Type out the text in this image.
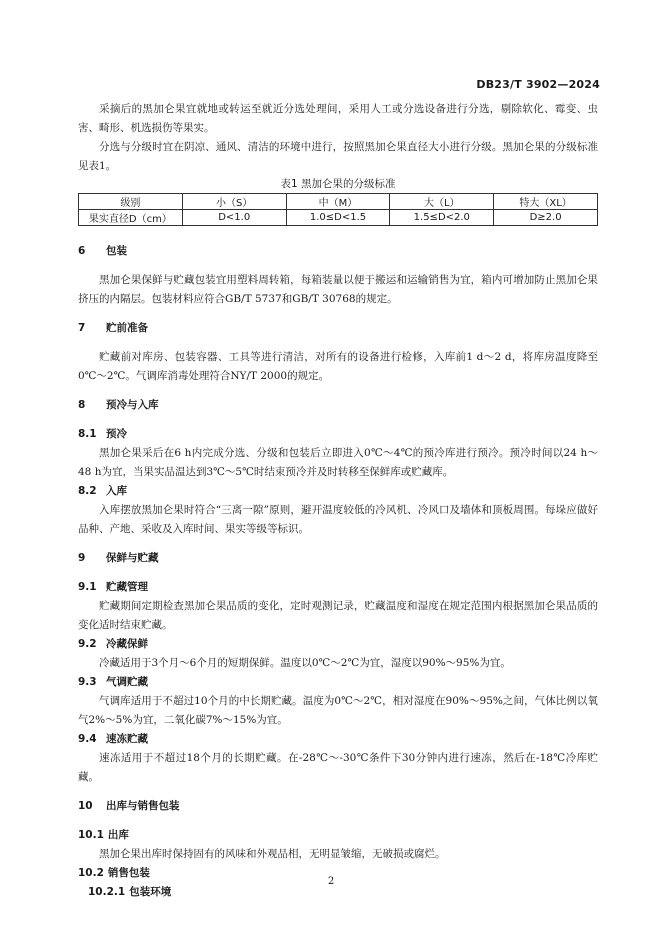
DB23/T 3902—2024

采摘后的黑加仑果宜就地或转运至就近分选处理间，采用人工或分选设备进行分选，剔除软化、霉变、虫害、畸形、机选损伤等果实。

分选与分级时宜在阴凉、通风、清洁的环境中进行，按照黑加仑果直径大小进行分级。黑加仑果的分级标准见表1。

表1 黑加仑果的分级标准

级别	小（S）	中（M）	大（L）	特大（XL）
果实直径D（cm）	D<1.0	1.0≤D<1.5	1.5≤D<2.0	D≥2.0

6 包装

黑加仑果保鲜与贮藏包装宜用塑料周转箱，每箱装量以便于搬运和运输销售为宜，箱内可增加防止黑加仑果挤压的内隔层。包装材料应符合GB/T 5737和GB/T 30768的规定。

7 贮前准备

贮藏前对库房、包装容器、工具等进行清洁，对所有的设备进行检修，入库前1 d～2 d，将库房温度降至0℃～2℃。气调库消毒处理符合NY/T 2000的规定。

8 预冷与入库

8.1 预冷

黑加仑果采后在6 h内完成分选、分级和包装后立即进入0℃～4℃的预冷库进行预冷。预冷时间以24 h～48 h为宜，当果实品温达到3℃～5℃时结束预冷并及时转移至保鲜库或贮藏库。

8.2 入库

入库摆放黑加仑果时符合“三离一隙”原则，避开温度较低的冷风机、冷风口及墙体和顶板周围。每垛应做好品种、产地、采收及入库时间、果实等级等标识。

9 保鲜与贮藏

9.1 贮藏管理

贮藏期间定期检查黑加仑果品质的变化，定时观测记录，贮藏温度和湿度在规定范围内根据黑加仑果品质的变化适时结束贮藏。

9.2 冷藏保鲜

冷藏适用于3个月～6个月的短期保鲜。温度以0℃～2℃为宜，湿度以90%～95%为宜。

9.3 气调贮藏

气调库适用于不超过10个月的中长期贮藏。温度为0℃～2℃，相对湿度在90%～95%之间，气体比例以氧气2%～5%为宜，二氧化碳7%～15%为宜。

9.4 速冻贮藏

速冻适用于不超过18个月的长期贮藏。在-28℃～-30℃条件下30分钟内进行速冻，然后在-18℃冷库贮藏。

10 出库与销售包装

10.1 出库

黑加仑果出库时保持固有的风味和外观品相，无明显皱缩，无破损或腐烂。

10.2 销售包装

10.2.1 包装环境

2
